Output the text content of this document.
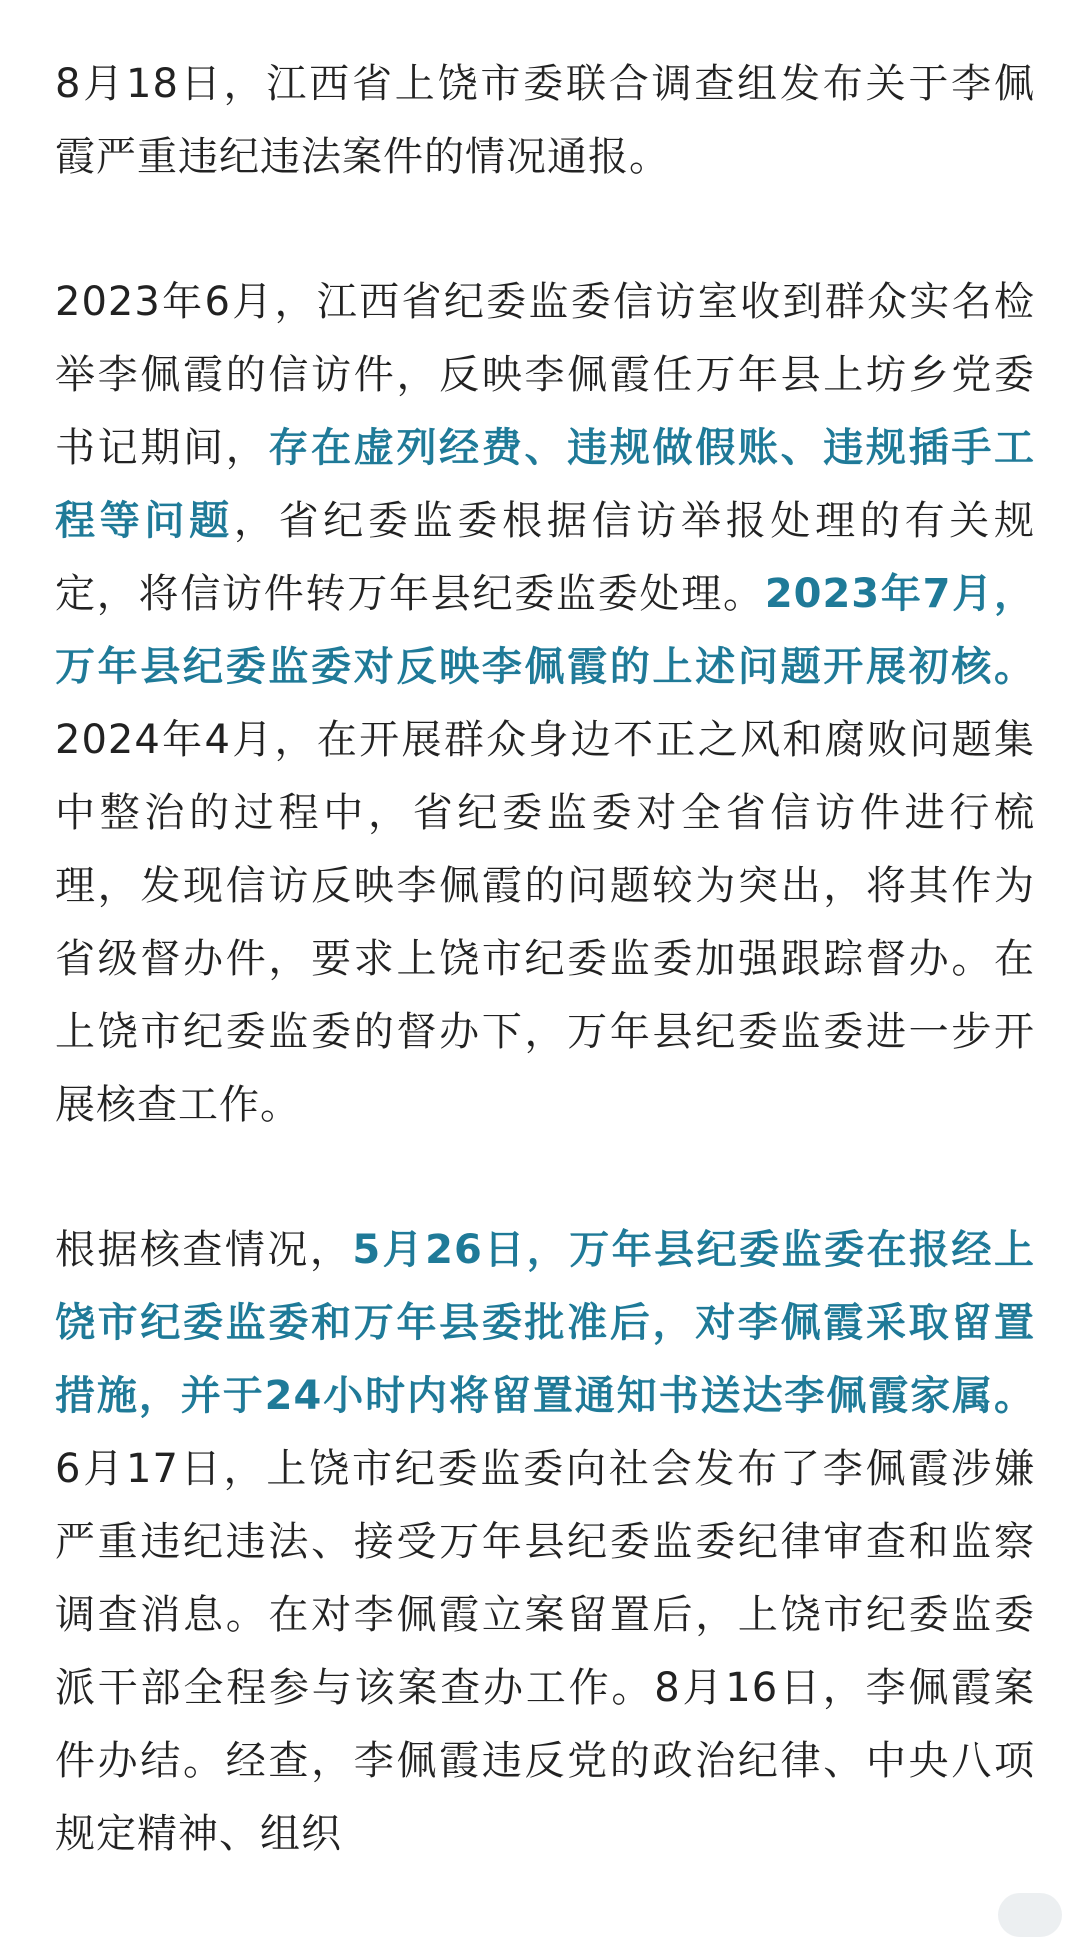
8月18日，江西省上饶市委联合调查组发布关于李佩霞严重违纪违法案件的情况通报。

2023年6月，江西省纪委监委信访室收到群众实名检举李佩霞的信访件，反映李佩霞任万年县上坊乡党委书记期间，存在虚列经费、违规做假账、违规插手工程等问题，省纪委监委根据信访举报处理的有关规定，将信访件转万年县纪委监委处理。2023年7月，万年县纪委监委对反映李佩霞的上述问题开展初核。2024年4月，在开展群众身边不正之风和腐败问题集中整治的过程中，省纪委监委对全省信访件进行梳理，发现信访反映李佩霞的问题较为突出，将其作为省级督办件，要求上饶市纪委监委加强跟踪督办。在上饶市纪委监委的督办下，万年县纪委监委进一步开展核查工作。

根据核查情况，5月26日，万年县纪委监委在报经上饶市纪委监委和万年县委批准后，对李佩霞采取留置措施，并于24小时内将留置通知书送达李佩霞家属。6月17日，上饶市纪委监委向社会发布了李佩霞涉嫌严重违纪违法、接受万年县纪委监委纪律审查和监察调查消息。在对李佩霞立案留置后，上饶市纪委监委派干部全程参与该案查办工作。8月16日，李佩霞案件办结。经查，李佩霞违反党的政治纪律、中央八项规定精神、组织
